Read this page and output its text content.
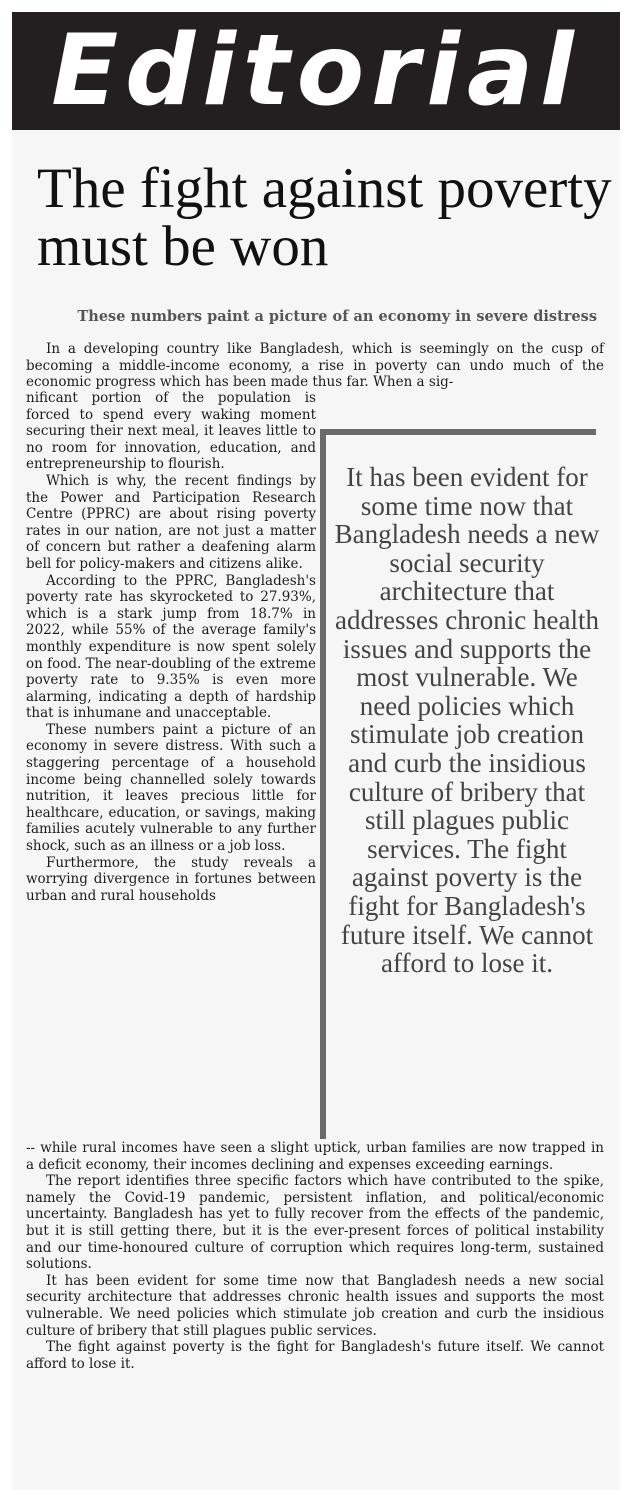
Editorial
The fight against poverty must be won

These numbers paint a picture of an economy in severe distress

In a developing country like Bangladesh, which is seemingly on the cusp of becoming a middle-income economy, a rise in poverty can undo much of the economic progress which has been made thus far. When a sig-

nificant portion of the population is forced to spend every waking moment securing their next meal, it leaves little to no room for innovation, education, and entrepreneurship to flourish.

Which is why, the recent findings by the Power and Participation Research Centre (PPRC) are about rising poverty rates in our nation, are not just a matter of concern but rather a deafening alarm bell for policy-makers and citizens alike.

According to the PPRC, Bangladesh's poverty rate has skyrocketed to 27.93%, which is a stark jump from 18.7% in 2022, while 55% of the average family's monthly expenditure is now spent solely on food. The near-doubling of the extreme poverty rate to 9.35% is even more alarming, indicating a depth of hardship that is inhumane and unacceptable.

These numbers paint a picture of an economy in severe distress. With such a staggering percentage of a household income being channelled solely towards nutrition, it leaves precious little for healthcare, education, or savings, making families acutely vulnerable to any further shock, such as an illness or a job loss.

Furthermore, the study reveals a worrying divergence in fortunes between urban and rural households

It has been evident for some time now that Bangladesh needs a new social security architecture that addresses chronic health issues and supports the most vulnerable. We need policies which stimulate job creation and curb the insidious culture of bribery that still plagues public services. The fight against poverty is the fight for Bangladesh's future itself. We cannot afford to lose it.

-- while rural incomes have seen a slight uptick, urban families are now trapped in a deficit economy, their incomes declining and expenses exceeding earnings.

The report identifies three specific factors which have contributed to the spike, namely the Covid-19 pandemic, persistent inflation, and political/economic uncertainty. Bangladesh has yet to fully recover from the effects of the pandemic, but it is still getting there, but it is the ever-present forces of political instability and our time-honoured culture of corruption which requires long-term, sustained solutions.

It has been evident for some time now that Bangladesh needs a new social security architecture that addresses chronic health issues and supports the most vulnerable. We need policies which stimulate job creation and curb the insidious culture of bribery that still plagues public services.

The fight against poverty is the fight for Bangladesh's future itself. We cannot afford to lose it.
